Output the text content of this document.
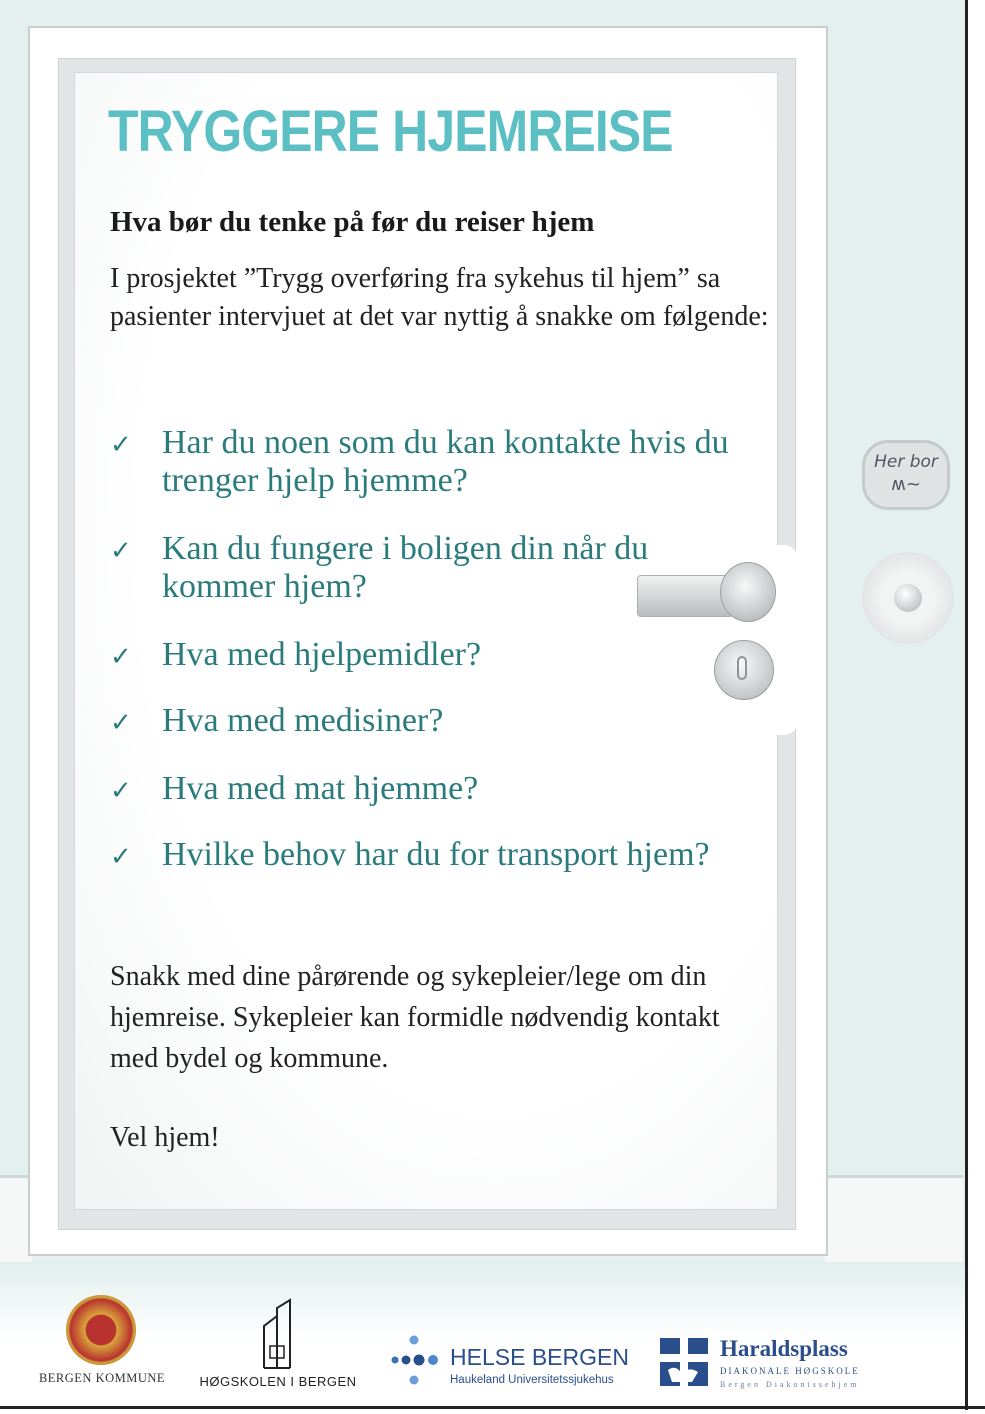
TRYGGERE HJEMREISE
Hva bør du tenke på før du reiser hjem
I prosjektet ”Trygg overføring fra sykehus til hjem” sa pasienter intervjuet at det var nyttig å snakke om følgende:
✓ Har du noen som du kan kontakte hvis du trenger hjelp hjemme?
✓ Kan du fungere i boligen din når du kommer hjem?
✓ Hva med hjelpemidler?
✓ Hva med medisiner?
✓ Hva med mat hjemme?
✓ Hvilke behov har du for transport hjem?
Snakk med dine pårørende og sykepleier/lege om din hjemreise. Sykepleier kan formidle nødvendig kontakt med bydel og kommune.
Vel hjem!
Her bor
ʍ~
BERGEN KOMMUNE	HØGSKOLEN I BERGEN
HELSE BERGEN
Haukeland Universitetssjukehus
Haraldsplass
DIAKONALE HØGSKOLE
Bergen Diakonissehjem
